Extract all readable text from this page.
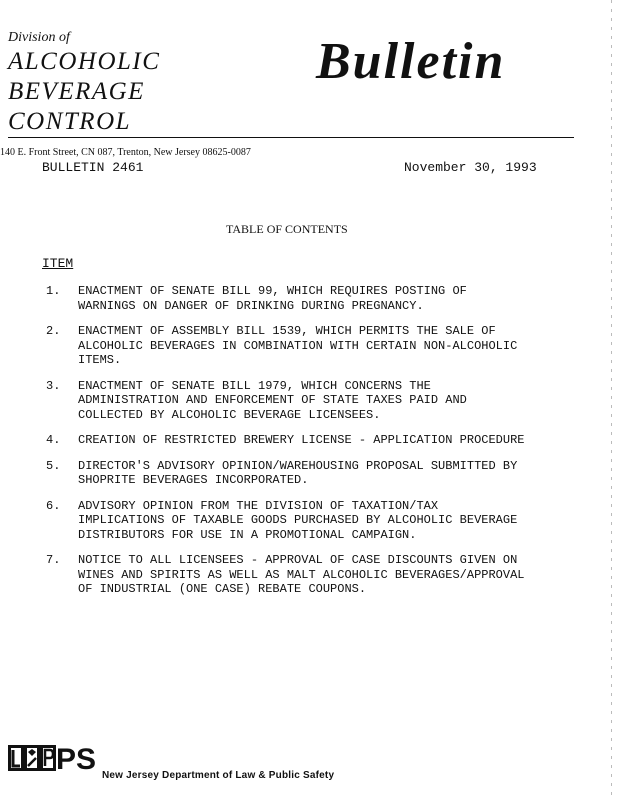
Division of
ALCOHOLIC
BEVERAGE
CONTROL
Bulletin
140 E. Front Street, CN 087, Trenton, New Jersey 08625-0087
BULLETIN 2461	November 30, 1993
TABLE OF CONTENTS
ITEM
1.	ENACTMENT OF SENATE BILL 99, WHICH REQUIRES POSTING OF
WARNINGS ON DANGER OF DRINKING DURING PREGNANCY.
2.	ENACTMENT OF ASSEMBLY BILL 1539, WHICH PERMITS THE SALE OF
ALCOHOLIC BEVERAGES IN COMBINATION WITH CERTAIN NON-ALCOHOLIC
ITEMS.
3.	ENACTMENT OF SENATE BILL 1979, WHICH CONCERNS THE
ADMINISTRATION AND ENFORCEMENT OF STATE TAXES PAID AND
COLLECTED BY ALCOHOLIC BEVERAGE LICENSEES.
4.	CREATION OF RESTRICTED BREWERY LICENSE - APPLICATION PROCEDURE
5.	DIRECTOR'S ADVISORY OPINION/WAREHOUSING PROPOSAL SUBMITTED BY
SHOPRITE BEVERAGES INCORPORATED.
6.	ADVISORY OPINION FROM THE DIVISION OF TAXATION/TAX
IMPLICATIONS OF TAXABLE GOODS PURCHASED BY ALCOHOLIC BEVERAGE
DISTRIBUTORS FOR USE IN A PROMOTIONAL CAMPAIGN.
7.	NOTICE TO ALL LICENSEES - APPROVAL OF CASE DISCOUNTS GIVEN ON
WINES AND SPIRITS AS WELL AS MALT ALCOHOLIC BEVERAGES/APPROVAL
OF INDUSTRIAL (ONE CASE) REBATE COUPONS.
PS New Jersey Department of Law & Public Safety
